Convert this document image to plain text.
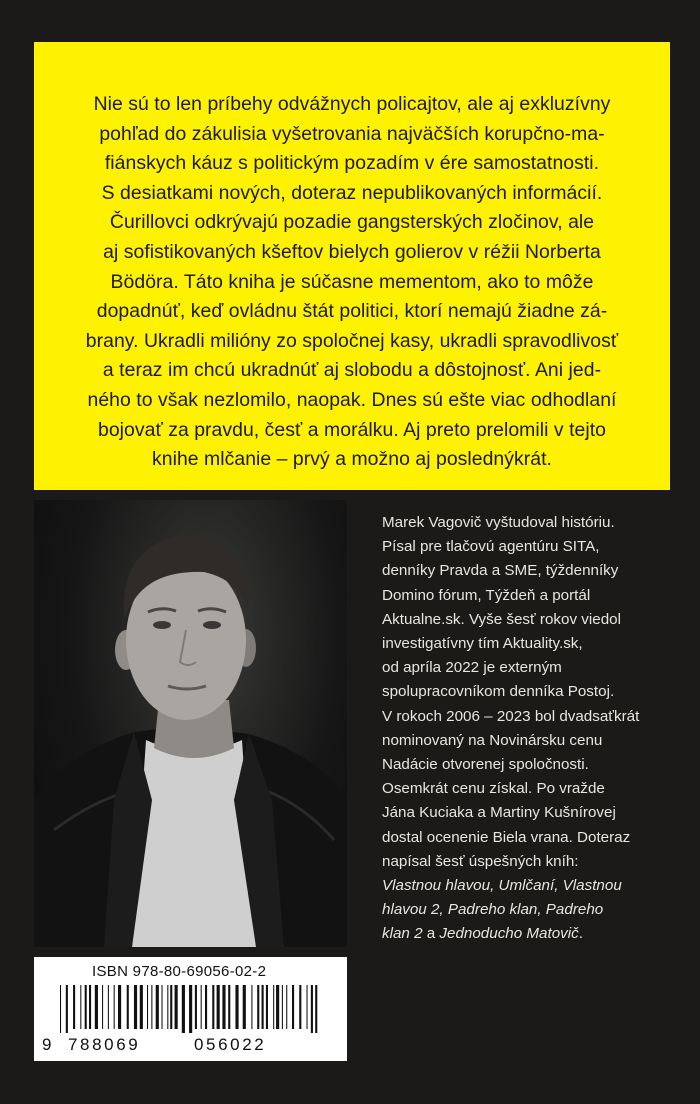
Nie sú to len príbehy odvážnych policajtov, ale aj exkluzívny
pohľad do zákulisia vyšetrovania najväčších korupčno-ma-
fiánskych káuz s politickým pozadím v ére samostatnosti.
S desiatkami nových, doteraz nepublikovaných informácií.
Čurillovci odkrývajú pozadie gangsterských zločinov, ale
aj sofistikovaných kšeftov bielych golierov v réžii Norberta
Bödöra. Táto kniha je súčasne mementom, ako to môže
dopadnúť, keď ovládnu štát politici, ktorí nemajú žiadne zá-
brany. Ukradli milióny zo spoločnej kasy, ukradli spravodlivosť
a teraz im chcú ukradnúť aj slobodu a dôstojnosť. Ani jed-
ného to však nezlomilo, naopak. Dnes sú ešte viac odhodlaní
bojovať za pravdu, česť a morálku. Aj preto prelomili v tejto
knihe mlčanie – prvý a možno aj poslednýkrát.

Marek Vagovič vyštudoval históriu.
Písal pre tlačovú agentúru SITA,
denníky Pravda a SME, týždenníky
Domino fórum, Týždeň a portál
Aktualne.sk. Vyše šesť rokov viedol
investigatívny tím Aktuality.sk,
od apríla 2022 je externým
spolupracovníkom denníka Postoj.
V rokoch 2006 – 2023 bol dvadsaťkrát
nominovaný na Novinársku cenu
Nadácie otvorenej spoločnosti.
Osemkrát cenu získal. Po vražde
Jána Kuciaka a Martiny Kušnírovej
dostal ocenenie Biela vrana. Doteraz
napísal šesť úspešných kníh:
Vlastnou hlavou, Umlčaní, Vlastnou
hlavou 2, Padreho klan, Padreho
klan 2 a Jednoducho Matovič.
ISBN 978-80-69056-02-2
9 788069	056022
